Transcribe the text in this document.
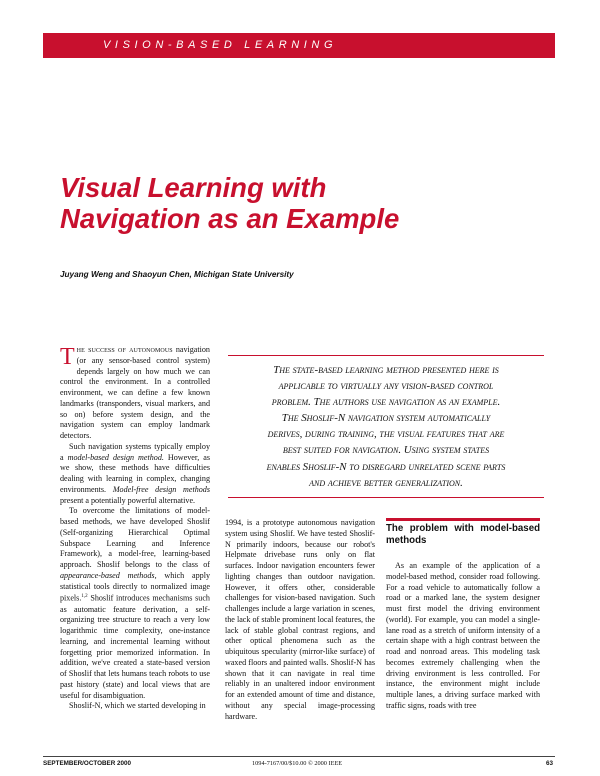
VISION-BASED LEARNING
Visual Learning with
Navigation as an Example
Juyang Weng and Shaoyun Chen, Michigan State University

The success of autonomous navigation (or any sensor-based control system) depends largely on how much we can control the environment. In a controlled environment, we can define a few known landmarks (transponders, visual markers, and so on) before system design, and the navigation system can employ landmark detectors.

Such navigation systems typically employ a model-based design method. However, as we show, these methods have difficulties dealing with learning in complex, changing environments. Model-free design methods present a potentially powerful alternative.

To overcome the limitations of model-based methods, we have developed Shoslif (Self-organizing Hierarchical Optimal Subspace Learning and Inference Framework), a model-free, learning-based approach. Shoslif belongs to the class of appearance-based methods, which apply statistical tools directly to normalized image pixels.$^{1,2}$ Shoslif introduces mechanisms such as automatic feature derivation, a self-organizing tree structure to reach a very low logarithmic time complexity, one-instance learning, and incremental learning without forgetting prior memorized information. In addition, we've created a state-based version of Shoslif that lets humans teach robots to use past history (state) and local views that are useful for disambiguation.

Shoslif-N, which we started developing in

The state-based learning method presented here is
applicable to virtually any vision-based control
problem. The authors use navigation as an example.
The Shoslif-N navigation system automatically
derives, during training, the visual features that are
best suited for navigation. Using system states
enables Shoslif-N to disregard unrelated scene parts
and achieve better generalization.

1994, is a prototype autonomous navigation system using Shoslif. We have tested Shoslif-N primarily indoors, because our robot's Helpmate drivebase runs only on flat surfaces. Indoor navigation encounters fewer lighting changes than outdoor navigation. However, it offers other, considerable challenges for vision-based navigation. Such challenges include a large variation in scenes, the lack of stable prominent local features, the lack of stable global contrast regions, and other optical phenomena such as the ubiquitous specularity (mirror-like surface) of waxed floors and painted walls. Shoslif-N has shown that it can navigate in real time reliably in an unaltered indoor environment for an extended amount of time and distance, without any special image-processing hardware.

The problem with model-based methods

As an example of the application of a model-based method, consider road following. For a road vehicle to automatically follow a road or a marked lane, the system designer must first model the driving environment (world). For example, you can model a single-lane road as a stretch of uniform intensity of a certain shape with a high contrast between the road and nonroad areas. This modeling task becomes extremely challenging when the driving environment is less controlled. For instance, the environment might include multiple lanes, a driving surface marked with traffic signs, roads with tree

SEPTEMBER/OCTOBER 2000	1094-7167/00/$10.00 © 2000 IEEE	63
